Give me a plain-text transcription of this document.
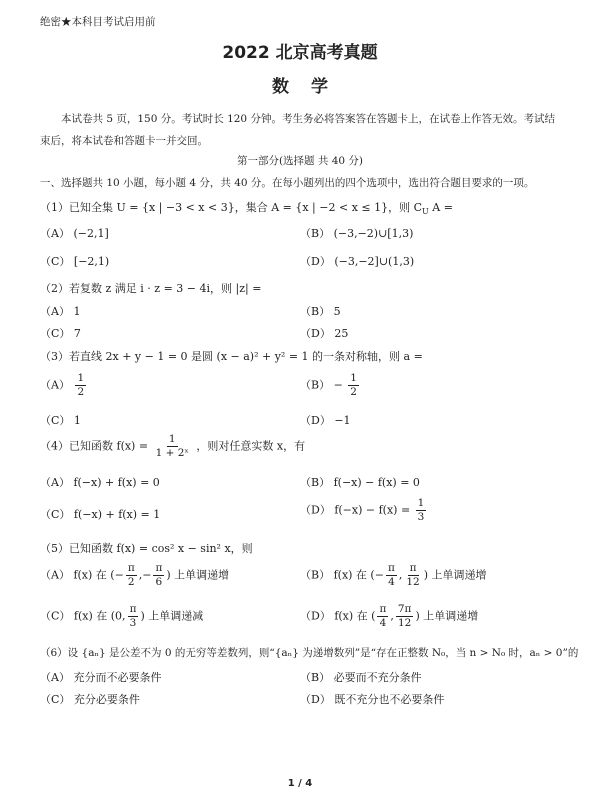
绝密★本科目考试启用前
2022 北京高考真题
数学
本试卷共 5 页，150 分。考试时长 120 分钟。考生务必将答案答在答题卡上，在试卷上作答无效。考试结束后，将本试卷和答题卡一并交回。
第一部分(选择题 共 40 分)
一、选择题共 10 小题，每小题 4 分，共 40 分。在每小题列出的四个选项中，选出符合题目要求的一项。
（1）已知全集 U = {x | −3 < x < 3}，集合 A = {x | −2 < x ≤ 1}，则 $C_U$ A =
（A） (−2,1]	（B） (−3,−2)∪[1,3)
（C） [−2,1)	（D） (−3,−2]∪(1,3)
（2）若复数 z 满足 i · z = 3 − 4i，则 |z| =
（A） 1	（B） 5
（C） 7	（D） 25
（3）若直线 2x + y − 1 = 0 是圆 (x − a)² + y² = 1 的一条对称轴，则 a =
$(A) \frac{1}{2}$	$(B) - \frac{1}{2}$
（C） 1	（D） −1
（4）已知函数 $f(x) = \frac{1}{\text{1 + 2ˣ}}$ ，则对任意实数 x，有
（A） f(−x) + f(x) = 0	（B） f(−x) − f(x) = 0
（C） f(−x) + f(x) = 1	（D） $f(-x) - f(x) = \frac{1}{3}$
（5）已知函数 f(x) = cos² x − sin² x，则
（A） f(x) 在 (− $\frac{\pi}{2}$ ,− $\frac{\pi}{6}$ ) 上单调递增	（B） f(x) 在 (− $\frac{\pi}{4}$ , $\frac{\pi}{12}$ ) 上单调递增
（C） f(x) 在 (0, $\frac{\pi}{3}$ ) 上单调递减	（D） f(x) 在 ( $\frac{\pi}{4}$ , $\frac{7\pi}{12}$ ) 上单调递增
（6）设 {aₙ} 是公差不为 0 的无穷等差数列，则“{aₙ} 为递增数列”是“存在正整数 N₀，当 n > N₀ 时，aₙ > 0”的
（A） 充分而不必要条件	（B） 必要而不充分条件
（C） 充分必要条件	（D） 既不充分也不必要条件
1 / 4
